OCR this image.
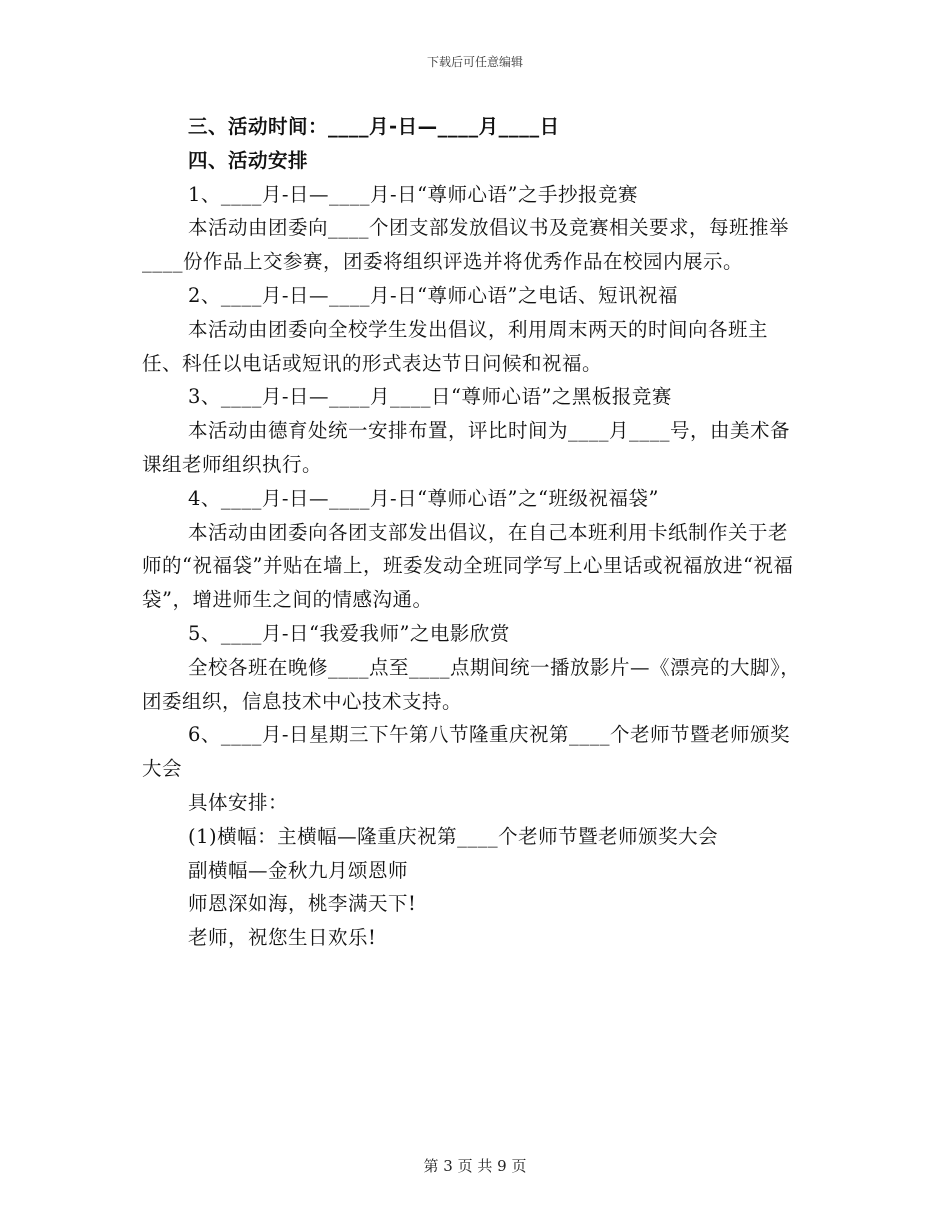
下载后可任意编辑

三、活动时间：____月-日—____月____日

四、活动安排

1、____月-日—____月-日“尊师心语”之手抄报竞赛

本活动由团委向____个团支部发放倡议书及竞赛相关要求，每班推举____份作品上交参赛，团委将组织评选并将优秀作品在校园内展示。

2、____月-日—____月-日“尊师心语”之电话、短讯祝福

本活动由团委向全校学生发出倡议，利用周末两天的时间向各班主任、科任以电话或短讯的形式表达节日问候和祝福。

3、____月-日—____月____日“尊师心语”之黑板报竞赛

本活动由德育处统一安排布置，评比时间为____月____号，由美术备课组老师组织执行。

4、____月-日—____月-日“尊师心语”之“班级祝福袋”

本活动由团委向各团支部发出倡议，在自己本班利用卡纸制作关于老师的“祝福袋”并贴在墙上，班委发动全班同学写上心里话或祝福放进“祝福袋”，增进师生之间的情感沟通。

5、____月-日“我爱我师”之电影欣赏

全校各班在晚修____点至____点期间统一播放影片—《漂亮的大脚》，团委组织，信息技术中心技术支持。

6、____月-日星期三下午第八节隆重庆祝第____个老师节暨老师颁奖大会

具体安排：

(1)横幅：主横幅—隆重庆祝第____个老师节暨老师颁奖大会

副横幅—金秋九月颂恩师

师恩深如海，桃李满天下!

老师，祝您生日欢乐!

第 3 页 共 9 页
